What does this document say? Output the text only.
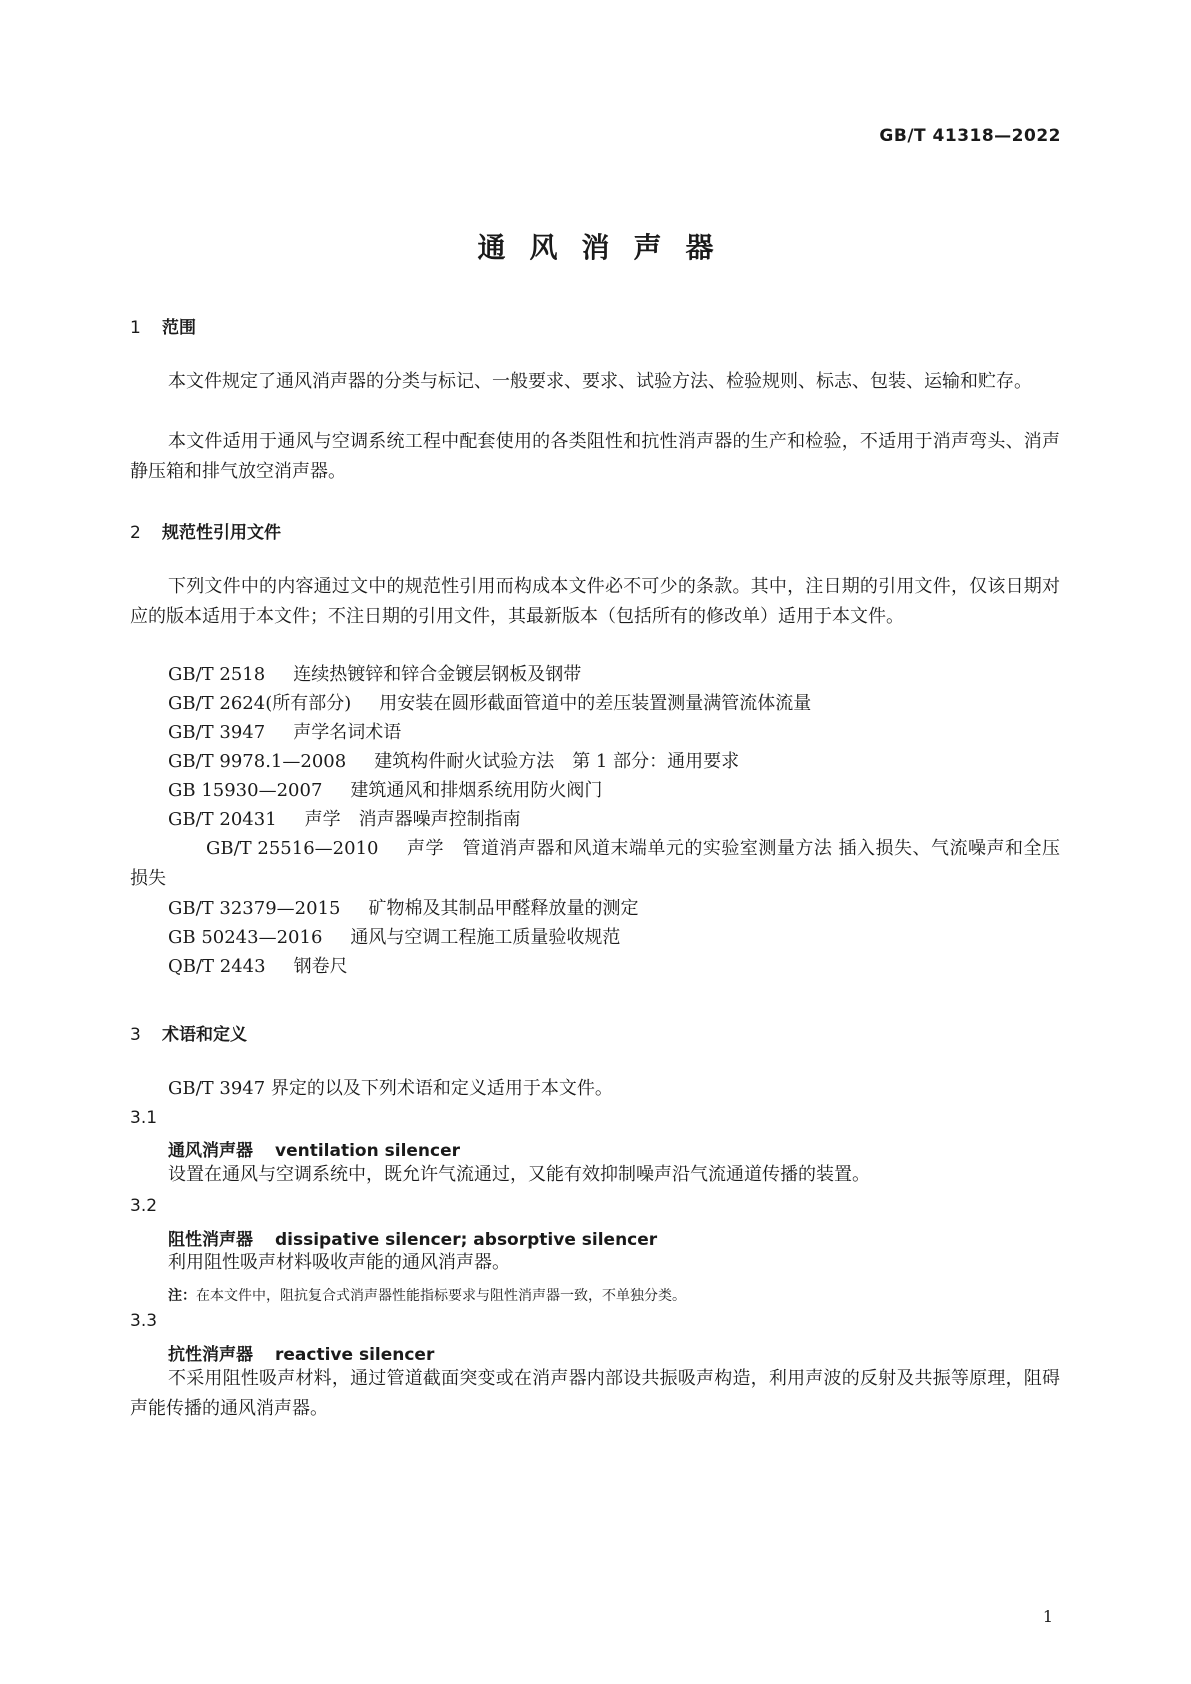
GB/T 41318—2022
通风消声器
1 范围
本文件规定了通风消声器的分类与标记、一般要求、要求、试验方法、检验规则、标志、包装、运输和贮存。
本文件适用于通风与空调系统工程中配套使用的各类阻性和抗性消声器的生产和检验，不适用于消声弯头、消声静压箱和排气放空消声器。
2 规范性引用文件
下列文件中的内容通过文中的规范性引用而构成本文件必不可少的条款。其中，注日期的引用文件，仅该日期对应的版本适用于本文件；不注日期的引用文件，其最新版本（包括所有的修改单）适用于本文件。
GB/T 2518 连续热镀锌和锌合金镀层钢板及钢带
GB/T 2624(所有部分) 用安装在圆形截面管道中的差压装置测量满管流体流量
GB/T 3947 声学名词术语
GB/T 9978.1—2008 建筑构件耐火试验方法　第 1 部分：通用要求
GB 15930—2007 建筑通风和排烟系统用防火阀门
GB/T 20431 声学　消声器噪声控制指南
GB/T 25516—2010 声学　管道消声器和风道末端单元的实验室测量方法 插入损失、气流噪声和全压损失
GB/T 32379—2015 矿物棉及其制品甲醛释放量的测定
GB 50243—2016 通风与空调工程施工质量验收规范
QB/T 2443 钢卷尺
3 术语和定义
GB/T 3947 界定的以及下列术语和定义适用于本文件。
3.1
通风消声器 ventilation silencer
设置在通风与空调系统中，既允许气流通过，又能有效抑制噪声沿气流通道传播的装置。
3.2
阻性消声器 dissipative silencer; absorptive silencer
利用阻性吸声材料吸收声能的通风消声器。
注：在本文件中，阻抗复合式消声器性能指标要求与阻性消声器一致，不单独分类。
3.3
抗性消声器 reactive silencer
不采用阻性吸声材料，通过管道截面突变或在消声器内部设共振吸声构造，利用声波的反射及共振等原理，阻碍声能传播的通风消声器。
1
